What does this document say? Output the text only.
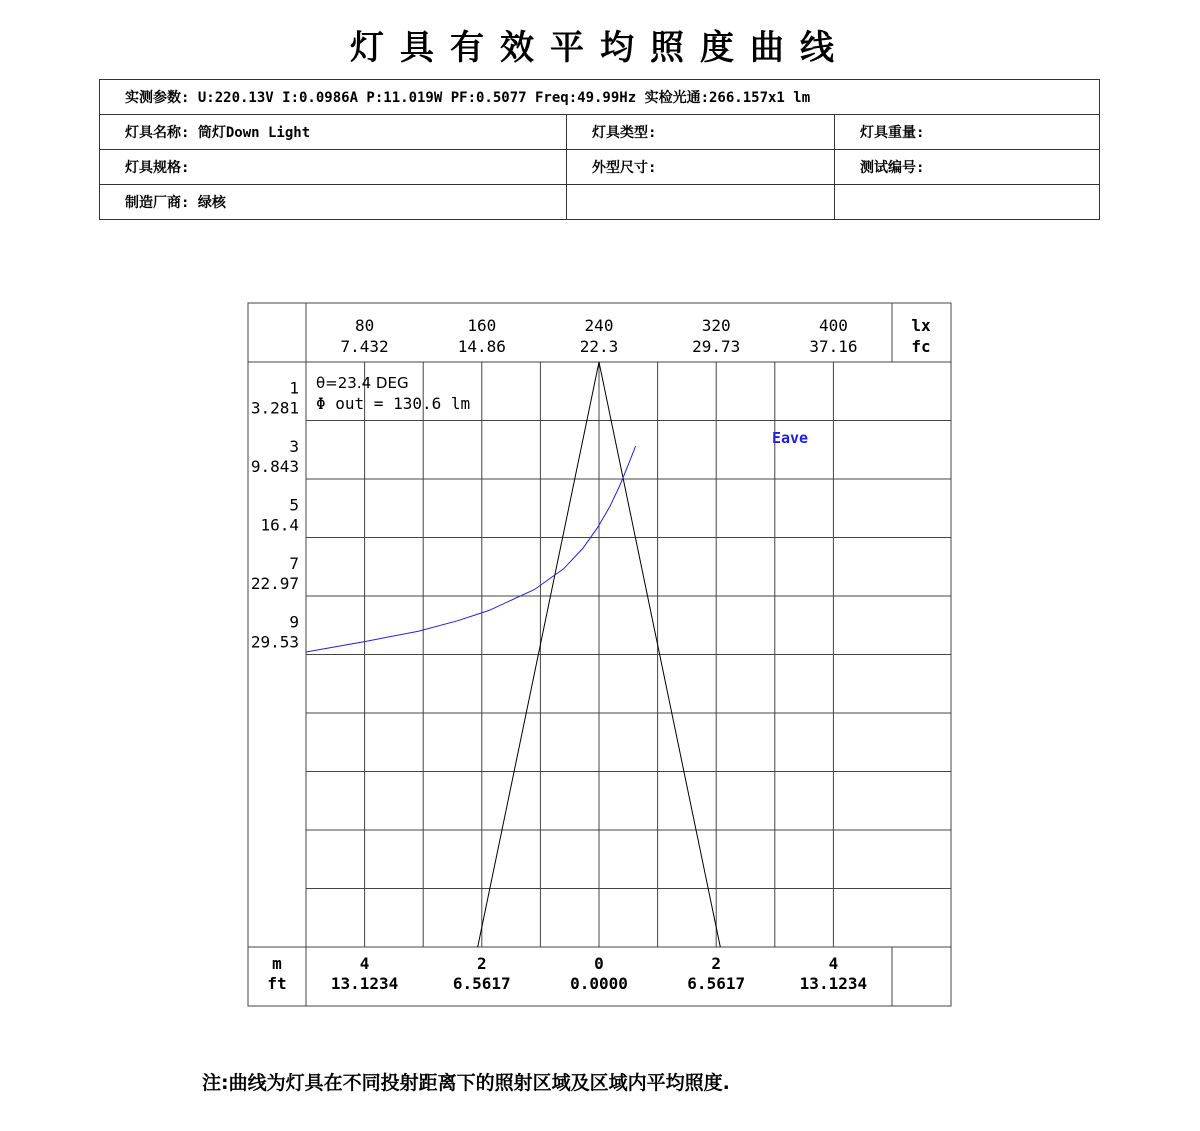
灯具有效平均照度曲线
实测参数: U:220.13V I:0.0986A P:11.019W PF:0.5077 Freq:49.99Hz 实检光通:266.157x1 lm		
灯具名称: 筒灯Down Light	灯具类型:	灯具重量:
灯具规格:	外型尺寸:	测试编号:
制造厂商: 绿核		
80
7.432
160
14.86
240
22.3
320
29.73
400
37.16
lx
fc
1
3.281
3
9.843
5
16.4
7
22.97
9
29.53
4
13.1234
2
6.5617
0
0.0000
2
6.5617
4
13.1234
m
ft
Eave
θ=23.4 DEG
Φ out = 130.6 lm
注:曲线为灯具在不同投射距离下的照射区域及区域内平均照度.
